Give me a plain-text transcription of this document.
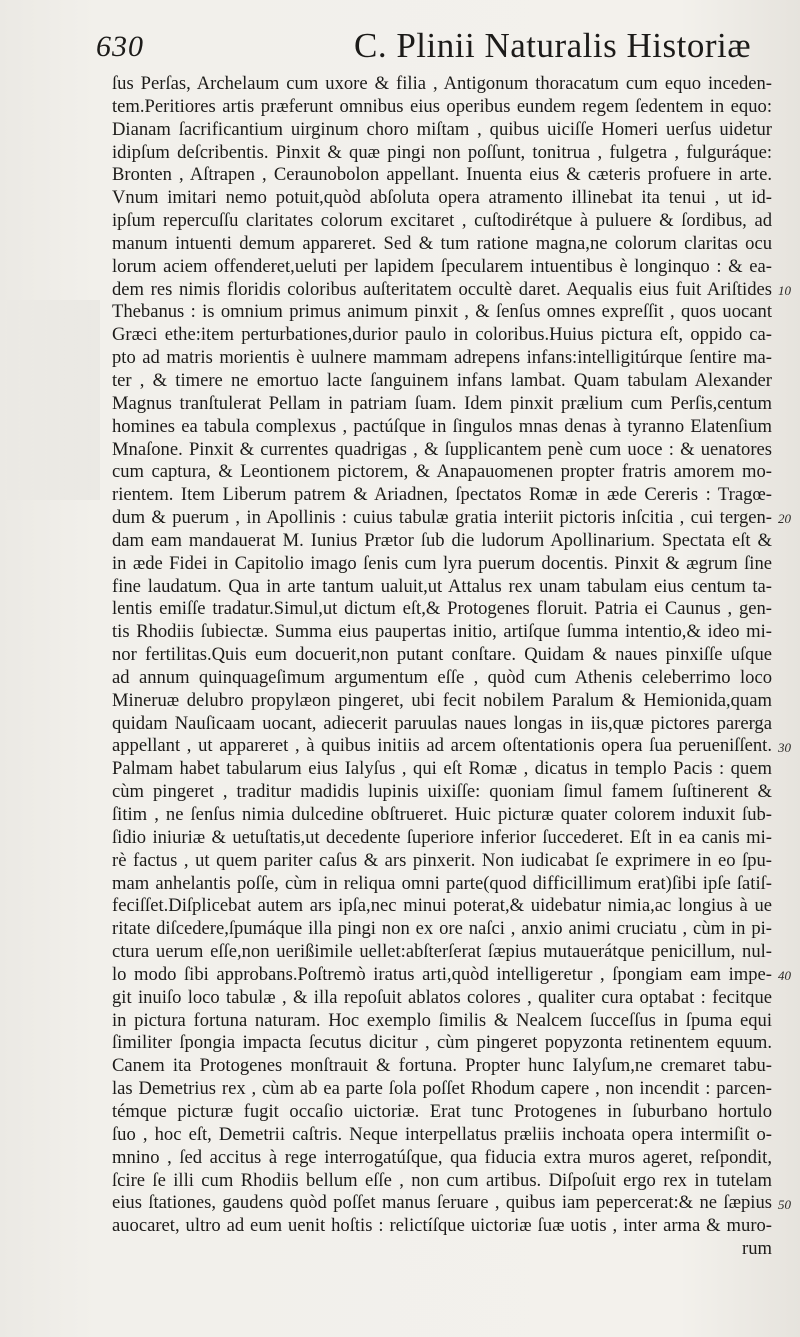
630	C. Plinii Naturalis Historiæ
ſus Perſas, Archelaum cum uxore & filia , Antigonum thoracatum cum equo inceden-
tem.Peritiores artis præferunt omnibus eius operibus eundem regem ſedentem in equo:
Dianam ſacrificantium uirginum choro miſtam , quibus uiciſſe Homeri uerſus uidetur
idipſum deſcribentis. Pinxit & quæ pingi non poſſunt, tonitrua , fulgetra , fulguráque:
Bronten , Aſtrapen , Ceraunobolon appellant. Inuenta eius & cæteris profuere in arte.
Vnum imitari nemo potuit,quòd abſoluta opera atramento illinebat ita tenui , ut id-
ipſum repercuſſu claritates colorum excitaret , cuſtodirétque à puluere & ſordibus, ad
manum intuenti demum appareret. Sed & tum ratione magna,ne colorum claritas ocu
lorum aciem offenderet,ueluti per lapidem ſpecularem intuentibus è longinquo : & ea-
dem res nimis floridis coloribus auſteritatem occultè daret. Aequalis eius fuit Ariſtides
Thebanus : is omnium primus animum pinxit , & ſenſus omnes expreſſit , quos uocant
Græci ethe:item perturbationes,durior paulo in coloribus.Huius pictura eſt, oppido ca-
pto ad matris morientis è uulnere mammam adrepens infans:intelligitúrque ſentire ma-
ter , & timere ne emortuo lacte ſanguinem infans lambat. Quam tabulam Alexander
Magnus tranſtulerat Pellam in patriam ſuam. Idem pinxit prælium cum Perſis,centum
homines ea tabula complexus , pactúſque in ſingulos mnas denas à tyranno Elatenſium
Mnaſone. Pinxit & currentes quadrigas , & ſupplicantem penè cum uoce : & uenatores
cum captura, & Leontionem pictorem, & Anapauomenen propter fratris amorem mo-
rientem. Item Liberum patrem & Ariadnen, ſpectatos Romæ in æde Cereris : Tragœ-
dum & puerum , in Apollinis : cuius tabulæ gratia interiit pictoris inſcitia , cui tergen-
dam eam mandauerat M. Iunius Prætor ſub die ludorum Apollinarium. Spectata eſt &
in æde Fidei in Capitolio imago ſenis cum lyra puerum docentis. Pinxit & ægrum ſine
fine laudatum. Qua in arte tantum ualuit,ut Attalus rex unam tabulam eius centum ta-
lentis emiſſe tradatur.Simul,ut dictum eſt,& Protogenes floruit. Patria ei Caunus , gen-
tis Rhodiis ſubiectæ. Summa eius paupertas initio, artiſque ſumma intentio,& ideo mi-
nor fertilitas.Quis eum docuerit,non putant conſtare. Quidam & naues pinxiſſe uſque
ad annum quinquageſimum argumentum eſſe , quòd cum Athenis celeberrimo loco
Mineruæ delubro propylæon pingeret, ubi fecit nobilem Paralum & Hemionida,quam
quidam Nauſicaam uocant, adiecerit paruulas naues longas in iis,quæ pictores parerga
appellant , ut appareret , à quibus initiis ad arcem oſtentationis opera ſua perueniſſent.
Palmam habet tabularum eius Ialyſus , qui eſt Romæ , dicatus in templo Pacis : quem
cùm pingeret , traditur madidis lupinis uixiſſe: quoniam ſimul famem ſuſtinerent &
ſitim , ne ſenſus nimia dulcedine obſtrueret. Huic picturæ quater colorem induxit ſub-
ſidio iniuriæ & uetuſtatis,ut decedente ſuperiore inferior ſuccederet. Eſt in ea canis mi-
rè factus , ut quem pariter caſus & ars pinxerit. Non iudicabat ſe exprimere in eo ſpu-
mam anhelantis poſſe, cùm in reliqua omni parte(quod difficillimum erat)ſibi ipſe ſatiſ-
feciſſet.Diſplicebat autem ars ipſa,nec minui poterat,& uidebatur nimia,ac longius à ue
ritate diſcedere,ſpumáque illa pingi non ex ore naſci , anxio animi cruciatu , cùm in pi-
ctura uerum eſſe,non uerißimile uellet:abſterſerat ſæpius mutauerátque penicillum, nul-
lo modo ſibi approbans.Poſtremò iratus arti,quòd intelligeretur , ſpongiam eam impe-
git inuiſo loco tabulæ , & illa repoſuit ablatos colores , qualiter cura optabat : fecitque
in pictura fortuna naturam. Hoc exemplo ſimilis & Nealcem ſucceſſus in ſpuma equi
ſimiliter ſpongia impacta ſecutus dicitur , cùm pingeret popyzonta retinentem equum.
Canem ita Protogenes monſtrauit & fortuna. Propter hunc Ialyſum,ne cremaret tabu-
las Demetrius rex , cùm ab ea parte ſola poſſet Rhodum capere , non incendit : parcen-
témque picturæ fugit occaſio uictoriæ. Erat tunc Protogenes in ſuburbano hortulo
ſuo , hoc eſt, Demetrii caſtris. Neque interpellatus præliis inchoata opera intermiſit o-
mnino , ſed accitus à rege interrogatúſque, qua fiducia extra muros ageret, reſpondit,
ſcire ſe illi cum Rhodiis bellum eſſe , non cum artibus. Diſpoſuit ergo rex in tutelam
eius ſtationes, gaudens quòd poſſet manus ſeruare , quibus iam pepercerat:& ne ſæpius
auocaret, ultro ad eum uenit hoſtis : relictíſque uictoriæ ſuæ uotis , inter arma & muro-
rum
10
20
30
40
50
